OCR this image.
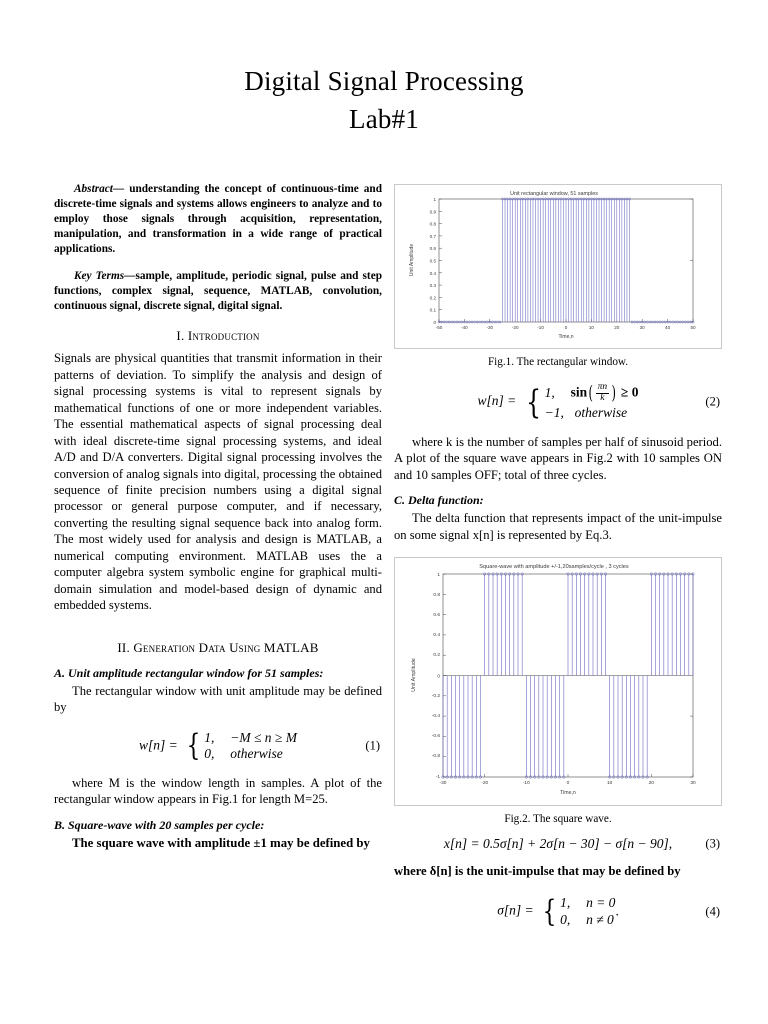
Digital Signal Processing
Lab#1
Abstract— understanding the concept of continuous-time and discrete-time signals and systems allows engineers to analyze and to employ those signals through acquisition, representation, manipulation, and transformation in a wide range of practical applications.
Key Terms—sample, amplitude, periodic signal, pulse and step functions, complex signal, sequence, MATLAB, convolution, continuous signal, discrete signal, digital signal.
I. Introduction
Signals are physical quantities that transmit information in their patterns of deviation. To simplify the analysis and design of signal processing systems is vital to represent signals by mathematical functions of one or more independent variables. The essential mathematical aspects of signal processing deal with ideal discrete-time signal processing systems, and ideal A/D and D/A converters. Digital signal processing involves the conversion of analog signals into digital, processing the obtained sequence of finite precision numbers using a digital signal processor or general purpose computer, and if necessary, converting the resulting signal sequence back into analog form. The most widely used for analysis and design is MATLAB, a numerical computing environment. MATLAB uses the a computer algebra system symbolic engine for graphical multi-domain simulation and model-based design of dynamic and embedded systems.
II. Generation Data Using MATLAB
A. Unit amplitude rectangular window for 51 samples:
The rectangular window with unit amplitude may be defined by
w[n] = { 1, −M ≤ n ≥ M
0, otherwise
(1)
where M is the window length in samples. A plot of the rectangular window appears in Fig.1 for length M=25.
B. Square-wave with 20 samples per cycle:
The square wave with amplitude ±1 may be defined by
Unit rectangular window, 51 samples
1
0.9
0.8
0.7
0.6
0.5
0.4
0.3
0.2
0.1
0
-50	-40	-30	-20	-10	0	10	20	30	40	50
Time,n
Unit Amplitude
Fig.1. The rectangular window.
w[n] = { 1, $\sin( \frac{\pi n}{k}$ ) ≥ 0
−1, otherwise
(2)
where k is the number of samples per half of sinusoid period. A plot of the square wave appears in Fig.2 with 10 samples ON and 10 samples OFF; total of three cycles.
C. Delta function:
The delta function that represents impact of the unit-impulse on some signal x[n] is represented by Eq.3.
Square-wave with amplitude +/-1,20samples/cycle , 3 cycles
1
0.8
0.6
0.4
0.2
0
-0.2
-0.4
-0.6
-0.8
-1
-30	-20	-10	0	10	20	30
Time,n
Unit Amplitude
Fig.2. The square wave.
x[n] = 0.5σ[n] + 2σ[n − 30] − σ[n − 90],	(3)
where δ[n] is the unit-impulse that may be defined by
σ[n] = { 1, n = 0
0, n ≠ 0
.	(4)
